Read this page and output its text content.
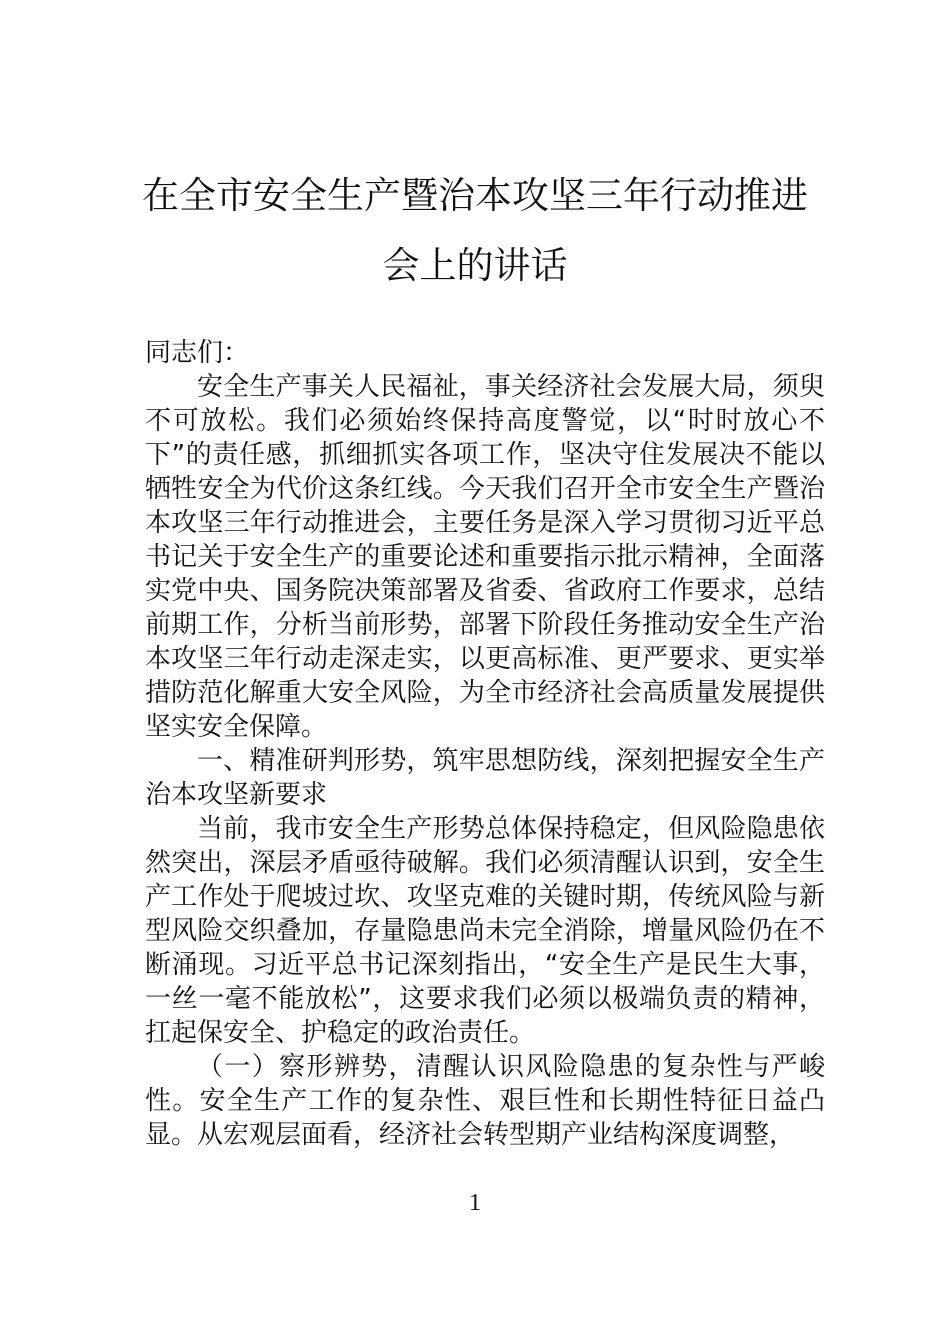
在全市安全生产暨治本攻坚三年行动推进
会上的讲话

同志们：

安全生产事关人民福祉，事关经济社会发展大局，须臾不可放松。我们必须始终保持高度警觉，以“时时放心不下”的责任感，抓细抓实各项工作，坚决守住发展决不能以牺牲安全为代价这条红线。今天我们召开全市安全生产暨治本攻坚三年行动推进会，主要任务是深入学习贯彻习近平总书记关于安全生产的重要论述和重要指示批示精神，全面落实党中央、国务院决策部署及省委、省政府工作要求，总结前期工作，分析当前形势，部署下阶段任务推动安全生产治本攻坚三年行动走深走实，以更高标准、更严要求、更实举措防范化解重大安全风险，为全市经济社会高质量发展提供坚实安全保障。

一、精准研判形势，筑牢思想防线，深刻把握安全生产治本攻坚新要求

当前，我市安全生产形势总体保持稳定，但风险隐患依然突出，深层矛盾亟待破解。我们必须清醒认识到，安全生产工作处于爬坡过坎、攻坚克难的关键时期，传统风险与新型风险交织叠加，存量隐患尚未完全消除，增量风险仍在不断涌现。习近平总书记深刻指出，“安全生产是民生大事，一丝一毫不能放松”，这要求我们必须以极端负责的精神，扛起保安全、护稳定的政治责任。

（一）察形辨势，清醒认识风险隐患的复杂性与严峻性。安全生产工作的复杂性、艰巨性和长期性特征日益凸显。从宏观层面看，经济社会转型期产业结构深度调整，

1
